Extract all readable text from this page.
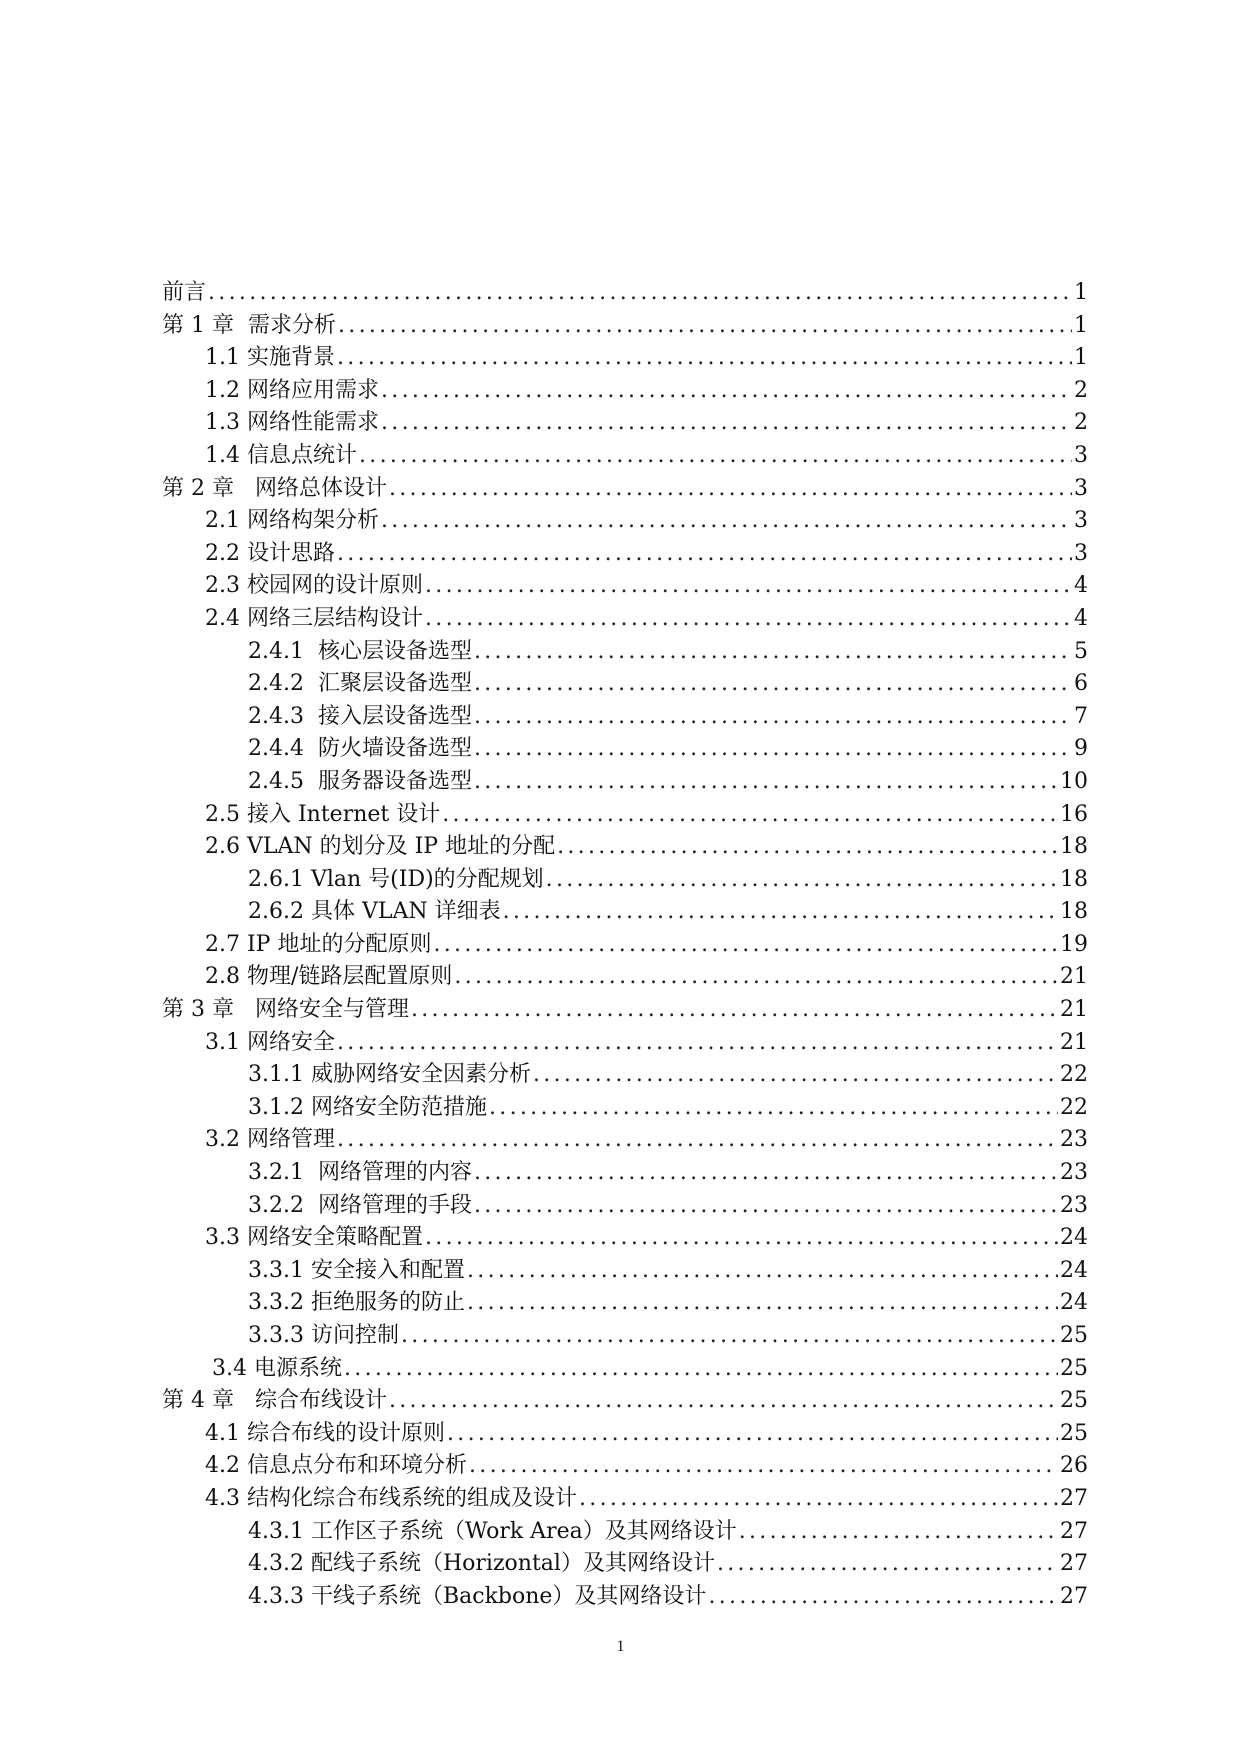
前言 .....	1
第 1 章  需求分析 .....	1
1.1 实施背景 .....	1
1.2 网络应用需求 .....	2
1.3 网络性能需求 .....	2
1.4 信息点统计 .....	3
第 2 章   网络总体设计 .....	3
2.1 网络构架分析 .....	3
2.2 设计思路 .....	3
2.3 校园网的设计原则 .....	4
2.4 网络三层结构设计 .....	4
2.4.1  核心层设备选型 .....	5
2.4.2  汇聚层设备选型 .....	6
2.4.3  接入层设备选型 .....	7
2.4.4  防火墙设备选型 .....	9
2.4.5  服务器设备选型 .....	10
2.5 接入 Internet 设计 .....	16
2.6 VLAN 的划分及 IP 地址的分配 .....	18
2.6.1 Vlan 号(ID)的分配规划 .....	18
2.6.2 具体 VLAN 详细表 .....	18
2.7 IP 地址的分配原则 .....	19
2.8 物理/链路层配置原则 .....	21
第 3 章   网络安全与管理 .....	21
3.1 网络安全 .....	21
3.1.1 威胁网络安全因素分析 .....	22
3.1.2 网络安全防范措施 .....	22
3.2 网络管理 .....	23
3.2.1  网络管理的内容 .....	23
3.2.2  网络管理的手段 .....	23
3.3 网络安全策略配置 .....	24
3.3.1 安全接入和配置 .....	24
3.3.2 拒绝服务的防止 .....	24
3.3.3 访问控制 .....	25
3.4 电源系统 .....	25
第 4 章   综合布线设计 .....	25
4.1 综合布线的设计原则 .....	25
4.2 信息点分布和环境分析 .....	26
4.3 结构化综合布线系统的组成及设计 .....	27
4.3.1 工作区子系统（Work Area）及其网络设计 .....	27
4.3.2 配线子系统（Horizontal）及其网络设计 .....	27
4.3.3 干线子系统（Backbone）及其网络设计 .....	27
1
